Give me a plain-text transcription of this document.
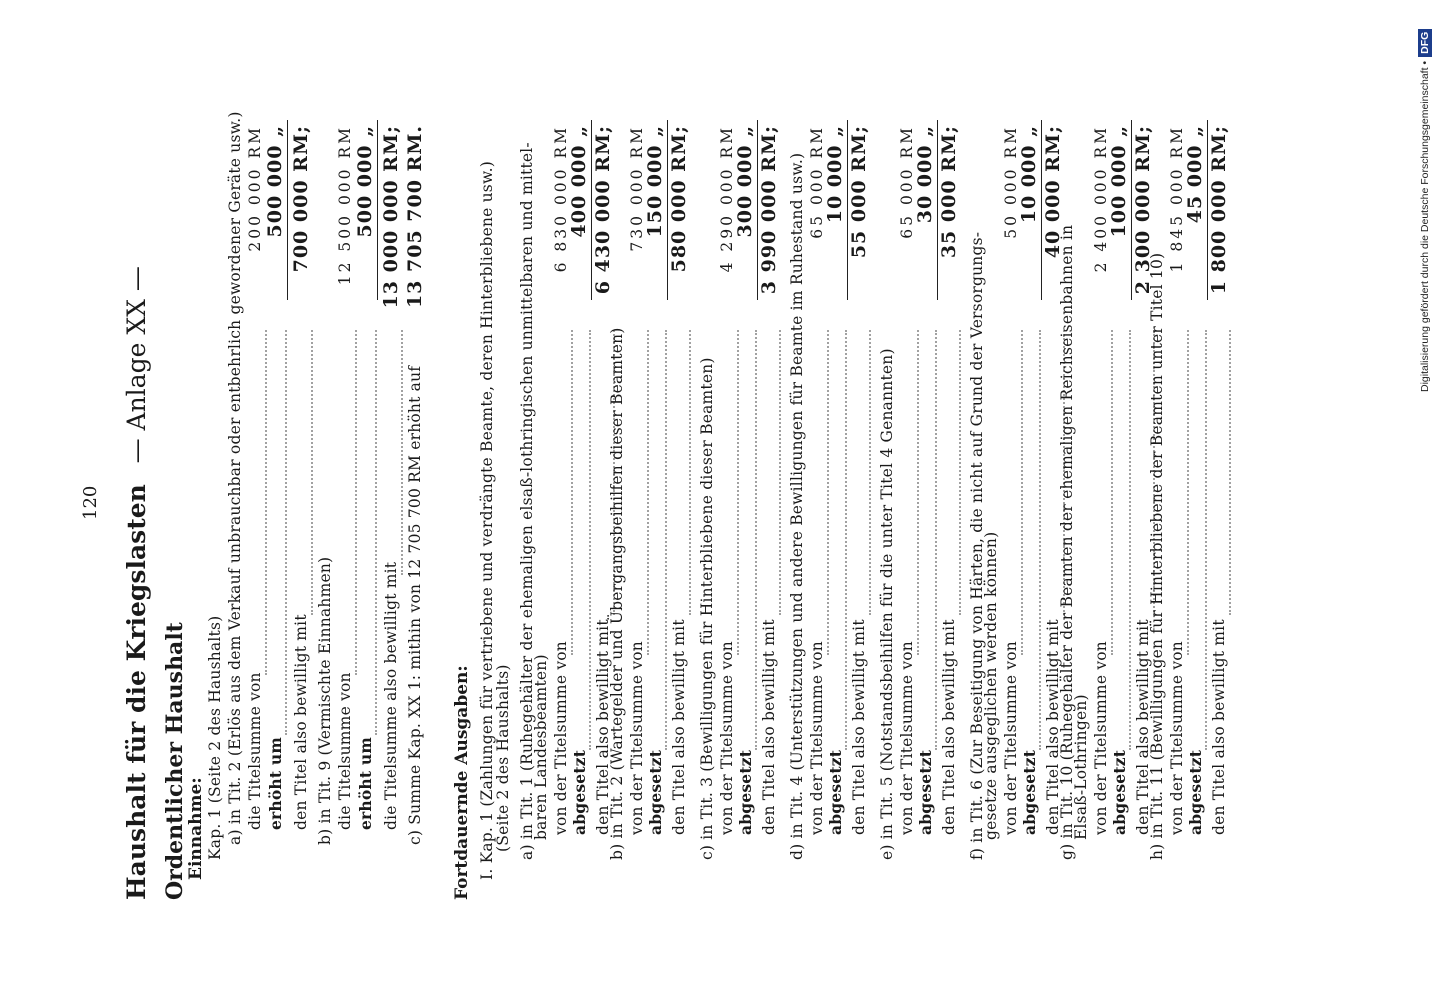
120 Haushalt für die Kriegslasten — Anlage XX —
Ordentlicher Haushalt
Einnahme: Kap. 1 (Seite 2 des Haushalts) a) in Tit. 2 (Erlös aus dem Verkauf unbrauchbar oder entbehrlich gewordener Geräte usw.) die Titelsumme von
200 000 RM
erhöht um
500 000 „
den Titel also bewilligt mit
700 000 RM;
b) in Tit. 9 (Vermischte Einnahmen) die Titelsumme von
12 500 000 RM
erhöht um
500 000 „
die Titelsumme also bewilligt mit
13 000 000 RM;
c) Summe Kap. XX 1: mithin von 12 705 700 RM erhöht auf
13 705 700 RM.
Fortdauernde Ausgaben: I. Kap. 1 (Zahlungen für vertriebene und verdrängte Beamte, deren Hinterbliebene usw.)
(Seite 2 des Haushalts) a) in Tit. 1 (Ruhegehälter der ehemaligen elsaß-lothringischen unmittelbaren und mittel-
baren Landesbeamten) von der Titelsumme von
6 830 000 RM
abgesetzt
400 000 „
den Titel also bewilligt mit
6 430 000 RM;
b) in Tit. 2 (Wartegelder und Übergangsbeihilfen dieser Beamten) von der Titelsumme von
730 000 RM
abgesetzt
150 000 „
den Titel also bewilligt mit
580 000 RM;
c) in Tit. 3 (Bewilligungen für Hinterbliebene dieser Beamten) von der Titelsumme von
4 290 000 RM
abgesetzt
300 000 „
den Titel also bewilligt mit
3 990 000 RM; d) in Tit. 4 (Unterstützungen und andere Bewilligungen für Beamte im Ruhestand usw.) von der Titelsumme von
65 000 RM
abgesetzt
10 000 „
den Titel also bewilligt mit
55 000 RM;
e) in Tit. 5 (Notstandsbeihilfen für die unter Titel 4 Genannten) von der Titelsumme von
65 000 RM
abgesetzt
30 000 „
den Titel also bewilligt mit
35 000 RM;
f) in Tit. 6 (Zur Beseitigung von Härten, die nicht auf Grund der Versorgungs-
gesetze ausgeglichen werden können) von der Titelsumme von
50 000 RM
abgesetzt
10 000 „
den Titel also bewilligt mit
40 000 RM;
g) in Tit. 10 (Ruhegehälter der Beamten der ehemaligen Reichseisenbahnen in
Elsaß-Lothringen) von der Titelsumme von
2 400 000 RM
abgesetzt
100 000 „
den Titel also bewilligt mit
2 300 000 RM;
h) in Tit. 11 (Bewilligungen für Hinterbliebene der Beamten unter Titel 10) von der Titelsumme von
1 845 000 RM
abgesetzt
45 000 „
den Titel also bewilligt mit
1 800 000 RM;	Digitalisierung gefördert durch die Deutsche Forschungsgemeinschaft •DFG
